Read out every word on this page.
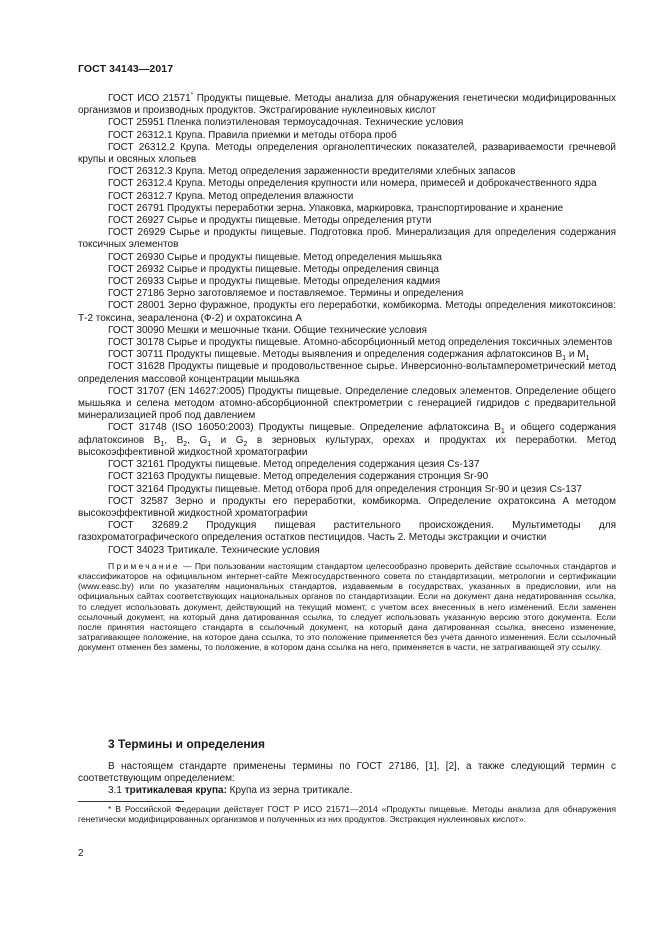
ГОСТ 34143—2017

ГОСТ ИСО 21571* Продукты пищевые. Методы анализа для обнаружения генетически модифицированных организмов и производных продуктов. Экстрагирование нуклеиновых кислот

ГОСТ 25951 Пленка полиэтиленовая термоусадочная. Технические условия

ГОСТ 26312.1 Крупа. Правила приемки и методы отбора проб

ГОСТ 26312.2 Крупа. Методы определения органолептических показателей, развариваемости гречневой крупы и овсяных хлопьев

ГОСТ 26312.3 Крупа. Метод определения зараженности вредителями хлебных запасов

ГОСТ 26312.4 Крупа. Методы определения крупности или номера, примесей и доброкачественного ядра

ГОСТ 26312.7 Крупа. Метод определения влажности

ГОСТ 26791 Продукты переработки зерна. Упаковка, маркировка, транспортирование и хранение

ГОСТ 26927 Сырье и продукты пищевые. Методы определения ртути

ГОСТ 26929 Сырье и продукты пищевые. Подготовка проб. Минерализация для определения содержания токсичных элементов

ГОСТ 26930 Сырье и продукты пищевые. Метод определения мышьяка

ГОСТ 26932 Сырье и продукты пищевые. Методы определения свинца

ГОСТ 26933 Сырье и продукты пищевые. Методы определения кадмия

ГОСТ 27186 Зерно заготовляемое и поставляемое. Термины и определения

ГОСТ 28001 Зерно фуражное, продукты его переработки, комбикорма. Методы определения микотоксинов: Т-2 токсина, зеараленона (Ф-2) и охратоксина А

ГОСТ 30090 Мешки и мешочные ткани. Общие технические условия

ГОСТ 30178 Сырье и продукты пищевые. Атомно-абсорбционный метод определения токсичных элементов

ГОСТ 30711 Продукты пищевые. Методы выявления и определения содержания афлатоксинов $B_1$ и $M_1$

ГОСТ 31628 Продукты пищевые и продовольственное сырье. Инверсионно-вольтамперометрический метод определения массовой концентрации мышьяка

ГОСТ 31707 (EN 14627:2005) Продукты пищевые. Определение следовых элементов. Определение общего мышьяка и селена методом атомно-абсорбционной спектрометрии с генерацией гидридов с предварительной минерализацией проб под давлением

ГОСТ 31748 (ISO 16050:2003) Продукты пищевые. Определение афлатоксина $B_1$ и общего содержания афлатоксинов $B_1$, $B_2$, $G_1$ и $G_2$ в зерновых культурах, орехах и продуктах их переработки. Метод высокоэффективной жидкостной хроматографии

ГОСТ 32161 Продукты пищевые. Метод определения содержания цезия Cs-137

ГОСТ 32163 Продукты пищевые. Метод определения содержания стронция Sr-90

ГОСТ 32164 Продукты пищевые. Метод отбора проб для определения стронция Sr-90 и цезия Cs-137

ГОСТ 32587 Зерно и продукты его переработки, комбикорма. Определение охратоксина А методом высокоэффективной жидкостной хроматографии

ГОСТ 32689.2 Продукция пищевая растительного происхождения. Мультиметоды для газохроматографического определения остатков пестицидов. Часть 2. Методы экстракции и очистки

ГОСТ 34023 Тритикале. Технические условия

Примечание — При пользовании настоящим стандартом целесообразно проверить действие ссылочных стандартов и классификаторов на официальном интернет-сайте Межгосударственного совета по стандартизации, метрологии и сертификации (www.easc.by) или по указателям национальных стандартов, издаваемым в государствах, указанных в предисловии, или на официальных сайтах соответствующих национальных органов по стандартизации. Если на документ дана недатированная ссылка, то следует использовать документ, действующий на текущий момент, с учетом всех внесенных в него изменений. Если заменен ссылочный документ, на который дана датированная ссылка, то следует использовать указанную версию этого документа. Если после принятия настоящего стандарта в ссылочный документ, на который дана датированная ссылка, внесено изменение, затрагивающее положение, на которое дана ссылка, то это положение применяется без учета данного изменения. Если ссылочный документ отменен без замены, то положение, в котором дана ссылка на него, применяется в части, не затрагивающей эту ссылку.

3 Термины и определения

В настоящем стандарте применены термины по ГОСТ 27186, [1], [2], а также следующий термин с соответствующим определением:

3.1 тритикалевая крупа: Крупа из зерна тритикале.

* В Российской Федерации действует ГОСТ Р ИСО 21571—2014 «Продукты пищевые. Методы анализа для обнаружения генетически модифицированных организмов и полученных из них продуктов. Экстракция нуклеиновых кислот».
2
